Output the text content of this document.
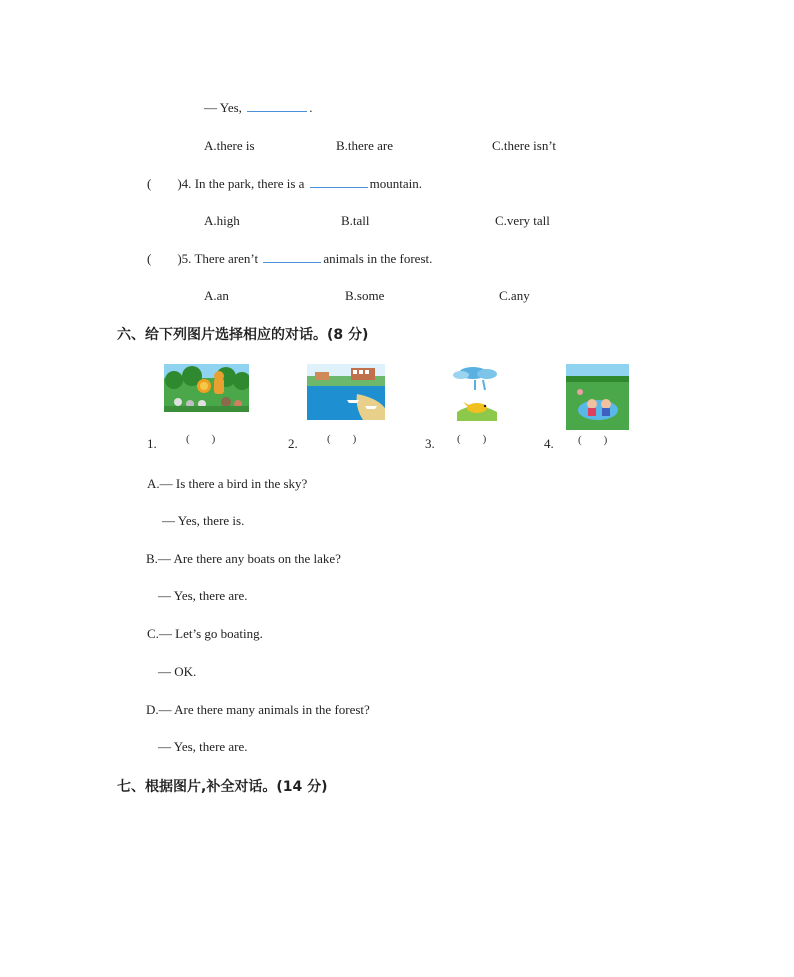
— Yes,	.
A.there is	B.there are	C.there isn’t
( )4. In the park, there is a	mountain.
A.high	B.tall	C.very tall
( )5. There aren’t	animals in the forest.
A.an	B.some	C.any
六、给下列图片选择相应的对话。(8 分)
1.	(　　)	2.	(　　)	3. (　　)	4. (　　)
A.— Is there a bird in the sky?
— Yes, there is.
B.— Are there any boats on the lake?
— Yes, there are.
C.— Let’s go boating.
— OK.
D.— Are there many animals in the forest?
— Yes, there are.
七、根据图片,补全对话。(14 分)
